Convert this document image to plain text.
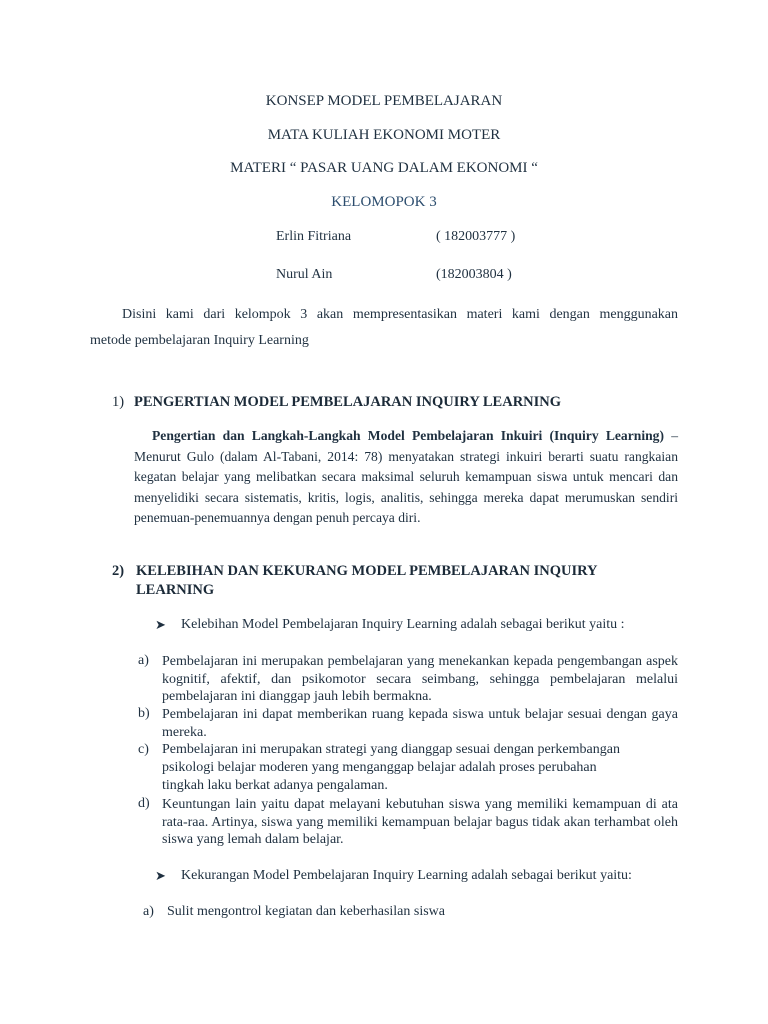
KONSEP MODEL PEMBELAJARAN
MATA KULIAH EKONOMI MOTER
MATERI “ PASAR UANG DALAM EKONOMI “
KELOMOPOK 3
Erlin Fitriana	( 182003777 )
Nurul Ain	(182003804 )
Disini kami dari kelompok 3 akan mempresentasikan materi kami dengan menggunakan
metode pembelajaran Inquiry Learning
1) PENGERTIAN MODEL PEMBELAJARAN INQUIRY LEARNING
Pengertian dan Langkah-Langkah Model Pembelajaran Inkuiri (Inquiry Learning) – Menurut Gulo (dalam Al-Tabani, 2014: 78) menyatakan strategi inkuiri berarti suatu rangkaian kegatan belajar yang melibatkan secara maksimal seluruh kemampuan siswa untuk mencari dan menyelidiki secara sistematis, kritis, logis, analitis, sehingga mereka dapat merumuskan sendiri penemuan-penemuannya dengan penuh percaya diri.
2) KELEBIHAN DAN KEKURANG MODEL PEMBELAJARAN INQUIRY
LEARNING
➤ Kelebihan Model Pembelajaran Inquiry Learning adalah sebagai berikut yaitu :
a) Pembelajaran ini merupakan pembelajaran yang menekankan kepada pengembangan aspek kognitif, afektif, dan psikomotor secara seimbang, sehingga pembelajaran melalui pembelajaran ini dianggap jauh lebih bermakna.
b) Pembelajaran ini dapat memberikan ruang kepada siswa untuk belajar sesuai dengan gaya mereka.
c) Pembelajaran ini merupakan strategi yang dianggap sesuai dengan perkembangan
psikologi belajar moderen yang menganggap belajar adalah proses perubahan
tingkah laku berkat adanya pengalaman.
d) Keuntungan lain yaitu dapat melayani kebutuhan siswa yang memiliki kemampuan di ata rata-raa. Artinya, siswa yang memiliki kemampuan belajar bagus tidak akan terhambat oleh siswa yang lemah dalam belajar.
➤ Kekurangan Model Pembelajaran Inquiry Learning adalah sebagai berikut yaitu:
a) Sulit mengontrol kegiatan dan keberhasilan siswa
